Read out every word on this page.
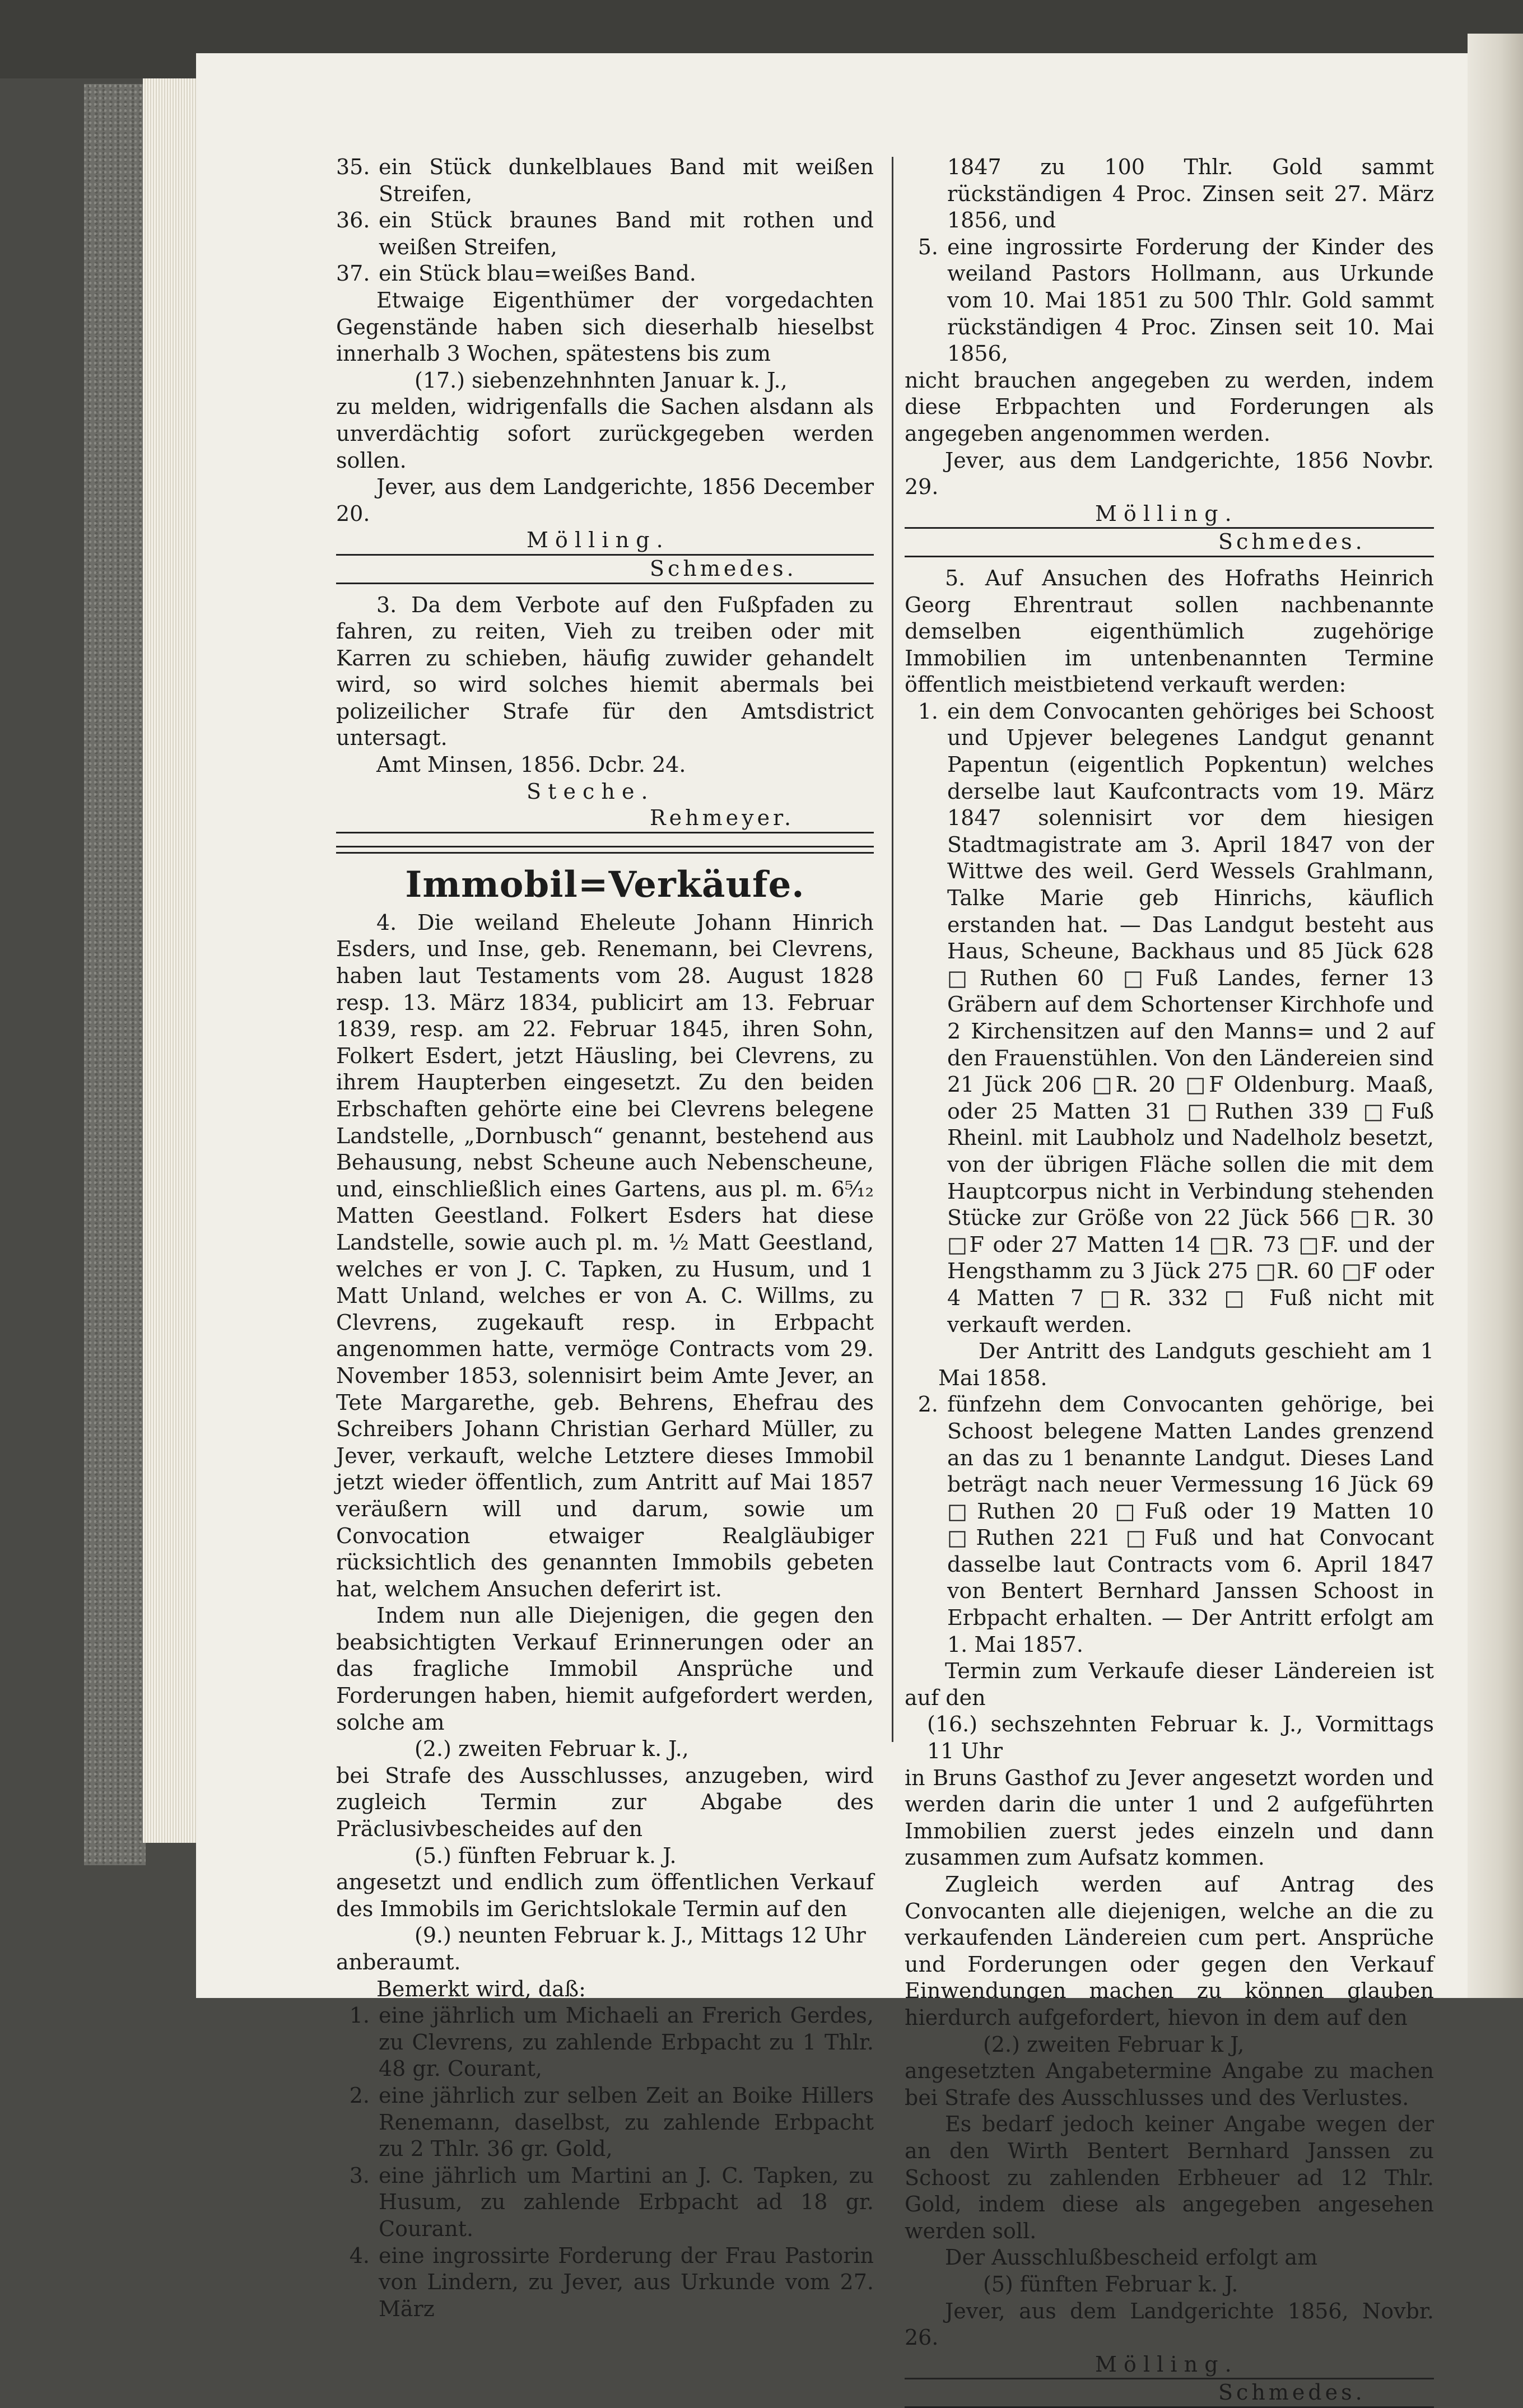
35. ein Stück dunkelblaues Band mit weißen Streifen,
36. ein Stück braunes Band mit rothen und weißen Streifen,
37. ein Stück blau=weißes Band.

Etwaige Eigenthümer der vorgedachten Gegenstände haben sich dieserhalb hieselbst innerhalb 3 Wochen, spätestens bis zum

(17.) siebenzehnhnten Januar k. J.,

zu melden, widrigenfalls die Sachen alsdann als unverdächtig sofort zurückgegeben werden sollen.

Jever, aus dem Landgerichte, 1856 December 20.

M ö l l i n g .

Schmedes.

3. Da dem Verbote auf den Fußpfaden zu fahren, zu reiten, Vieh zu treiben oder mit Karren zu schieben, häufig zuwider gehandelt wird, so wird solches hiemit abermals bei polizeilicher Strafe für den Amtsdistrict untersagt.

Amt Minsen, 1856. Dcbr. 24.

S t e c h e .

Rehmeyer.

Immobil=Verkäufe.

4. Die weiland Eheleute Johann Hinrich Esders, und Inse, geb. Renemann, bei Clevrens, haben laut Testaments vom 28. August 1828 resp. 13. März 1834, publicirt am 13. Februar 1839, resp. am 22. Februar 1845, ihren Sohn, Folkert Esdert, jetzt Häusling, bei Clevrens, zu ihrem Haupterben eingesetzt. Zu den beiden Erbschaften gehörte eine bei Clevrens belegene Landstelle, „Dornbusch“ genannt, bestehend aus Behausung, nebst Scheune auch Nebenscheune, und, einschließlich eines Gartens, aus pl. m. 6⁵⁄₁₂ Matten Geestland. Folkert Esders hat diese Landstelle, sowie auch pl. m. ½ Matt Geestland, welches er von J. C. Tapken, zu Husum, und 1 Matt Unland, welches er von A. C. Willms, zu Clevrens, zugekauft resp. in Erbpacht angenommen hatte, vermöge Contracts vom 29. November 1853, solennisirt beim Amte Jever, an Tete Margarethe, geb. Behrens, Ehefrau des Schreibers Johann Christian Gerhard Müller, zu Jever, verkauft, welche Letztere dieses Immobil jetzt wieder öffentlich, zum Antritt auf Mai 1857 veräußern will und darum, sowie um Convocation etwaiger Realgläubiger rücksichtlich des genannten Immobils gebeten hat, welchem Ansuchen deferirt ist.

Indem nun alle Diejenigen, die gegen den beabsichtigten Verkauf Erinnerungen oder an das fragliche Immobil Ansprüche und Forderungen haben, hiemit aufgefordert werden, solche am

(2.) zweiten Februar k. J.,

bei Strafe des Ausschlusses, anzugeben, wird zugleich Termin zur Abgabe des Präclusivbescheides auf den

(5.) fünften Februar k. J.

angesetzt und endlich zum öffentlichen Verkauf des Immobils im Gerichtslokale Termin auf den

(9.) neunten Februar k. J., Mittags 12 Uhr

anberaumt.

Bemerkt wird, daß:

1. eine jährlich um Michaeli an Frerich Gerdes, zu Clevrens, zu zahlende Erbpacht zu 1 Thlr. 48 gr. Courant,
2. eine jährlich zur selben Zeit an Boike Hillers Renemann, daselbst, zu zahlende Erbpacht zu 2 Thlr. 36 gr. Gold,
3. eine jährlich um Martini an J. C. Tapken, zu Husum, zu zahlende Erbpacht ad 18 gr. Courant.
4. eine ingrossirte Forderung der Frau Pastorin von Lindern, zu Jever, aus Urkunde vom 27. März
1847 zu 100 Thlr. Gold sammt rückständigen 4 Proc. Zinsen seit 27. März 1856, und
5. eine ingrossirte Forderung der Kinder des weiland Pastors Hollmann, aus Urkunde vom 10. Mai 1851 zu 500 Thlr. Gold sammt rückständigen 4 Proc. Zinsen seit 10. Mai 1856,

nicht brauchen angegeben zu werden, indem diese Erbpachten und Forderungen als angegeben angenommen werden.

Jever, aus dem Landgerichte, 1856 Novbr. 29.

M ö l l i n g .

Schmedes.

5. Auf Ansuchen des Hofraths Heinrich Georg Ehrentraut sollen nachbenannte demselben eigenthümlich zugehörige Immobilien im untenbenannten Termine öffentlich meistbietend verkauft werden:

1. ein dem Convocanten gehöriges bei Schoost und Upjever belegenes Landgut genannt Papentun (eigentlich Popkentun) welches derselbe laut Kaufcontracts vom 19. März 1847 solennisirt vor dem hiesigen Stadtmagistrate am 3. April 1847 von der Wittwe des weil. Gerd Wessels Grahlmann, Talke Marie geb Hinrichs, käuflich erstanden hat. — Das Landgut besteht aus Haus, Scheune, Backhaus und 85 Jück 628 □Ruthen 60 □Fuß Landes, ferner 13 Gräbern auf dem Schortenser Kirchhofe und 2 Kirchensitzen auf den Manns= und 2 auf den Frauenstühlen. Von den Ländereien sind 21 Jück 206 □R. 20 □F Oldenburg. Maaß, oder 25 Matten 31 □Ruthen 339 □Fuß Rheinl. mit Laubholz und Nadelholz besetzt, von der übrigen Fläche sollen die mit dem Hauptcorpus nicht in Verbindung stehenden Stücke zur Größe von 22 Jück 566 □R. 30 □F oder 27 Matten 14 □R. 73 □F. und der Hengsthamm zu 3 Jück 275 □R. 60 □F oder 4 Matten 7 □R. 332 □ Fuß nicht mit verkauft werden.

Der Antritt des Landguts geschieht am 1 Mai 1858.

2. fünfzehn dem Convocanten gehörige, bei Schoost belegene Matten Landes grenzend an das zu 1 benannte Landgut. Dieses Land beträgt nach neuer Vermessung 16 Jück 69 □Ruthen 20 □Fuß oder 19 Matten 10 □Ruthen 221 □Fuß und hat Convocant dasselbe laut Contracts vom 6. April 1847 von Bentert Bernhard Janssen Schoost in Erbpacht erhalten. — Der Antritt erfolgt am 1. Mai 1857.

Termin zum Verkaufe dieser Ländereien ist auf den

(16.) sechszehnten Februar k. J., Vormittags 11 Uhr

in Bruns Gasthof zu Jever angesetzt worden und werden darin die unter 1 und 2 aufgeführten Immobilien zuerst jedes einzeln und dann zusammen zum Aufsatz kommen.

Zugleich werden auf Antrag des Convocanten alle diejenigen, welche an die zu verkaufenden Ländereien cum pert. Ansprüche und Forderungen oder gegen den Verkauf Einwendungen machen zu können glauben hierdurch aufgefordert, hievon in dem auf den

(2.) zweiten Februar k J,

angesetzten Angabetermine Angabe zu machen bei Strafe des Ausschlusses und des Verlustes.

Es bedarf jedoch keiner Angabe wegen der an den Wirth Bentert Bernhard Janssen zu Schoost zu zahlenden Erbheuer ad 12 Thlr. Gold, indem diese als angegeben angesehen werden soll.

Der Ausschlußbescheid erfolgt am

(5) fünften Februar k. J.

Jever, aus dem Landgerichte 1856, Novbr. 26.

M ö l l i n g .

Schmedes.
